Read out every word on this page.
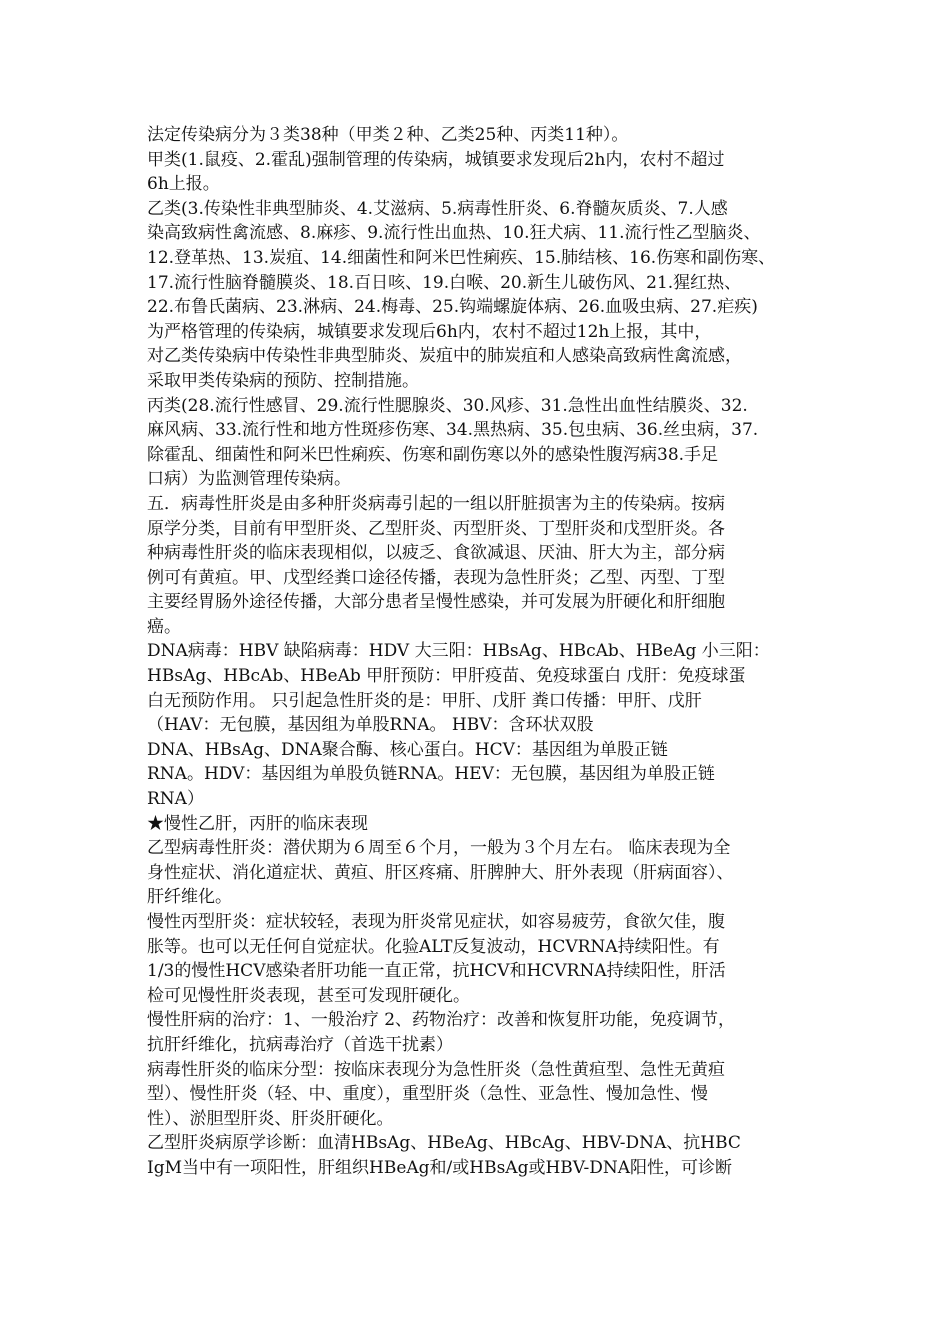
法定传染病分为３类38种（甲类２种、乙类25种、丙类11种）。
甲类(1.鼠疫、2.霍乱)强制管理的传染病，城镇要求发现后2h内，农村不超过
6h上报。
乙类(3.传染性非典型肺炎、4.艾滋病、5.病毒性肝炎、6.脊髓灰质炎、7.人感
染高致病性禽流感、8.麻疹、9.流行性出血热、10.狂犬病、11.流行性乙型脑炎、
12.登革热、13.炭疽、14.细菌性和阿米巴性痢疾、15.肺结核、16.伤寒和副伤寒、
17.流行性脑脊髓膜炎、18.百日咳、19.白喉、20.新生儿破伤风、21.猩红热、
22.布鲁氏菌病、23.淋病、24.梅毒、25.钩端螺旋体病、26.血吸虫病、27.疟疾)
为严格管理的传染病，城镇要求发现后6h内，农村不超过12h上报，其中，
对乙类传染病中传染性非典型肺炎、炭疽中的肺炭疽和人感染高致病性禽流感，
采取甲类传染病的预防、控制措施。
丙类(28.流行性感冒、29.流行性腮腺炎、30.风疹、31.急性出血性结膜炎、32.
麻风病、33.流行性和地方性斑疹伤寒、34.黑热病、35.包虫病、36.丝虫病，37.
除霍乱、细菌性和阿米巴性痢疾、伤寒和副伤寒以外的感染性腹泻病38.手足
口病）为监测管理传染病。
五．病毒性肝炎是由多种肝炎病毒引起的一组以肝脏损害为主的传染病。按病
原学分类，目前有甲型肝炎、乙型肝炎、丙型肝炎、丁型肝炎和戊型肝炎。各
种病毒性肝炎的临床表现相似，以疲乏、食欲减退、厌油、肝大为主，部分病
例可有黄疸。甲、戊型经粪口途径传播，表现为急性肝炎；乙型、丙型、丁型
主要经胃肠外途径传播，大部分患者呈慢性感染，并可发展为肝硬化和肝细胞
癌。
DNA病毒：HBV 缺陷病毒：HDV 大三阳：HBsAg、HBcAb、HBeAg 小三阳：
HBsAg、HBcAb、HBeAb 甲肝预防：甲肝疫苗、免疫球蛋白 戊肝：免疫球蛋
白无预防作用。 只引起急性肝炎的是：甲肝、戊肝 粪口传播：甲肝、戊肝
（HAV：无包膜，基因组为单股RNA。 HBV：含环状双股
DNA、HBsAg、DNA聚合酶、核心蛋白。HCV：基因组为单股正链
RNA。HDV：基因组为单股负链RNA。HEV：无包膜，基因组为单股正链
RNA）
★慢性乙肝，丙肝的临床表现
乙型病毒性肝炎：潜伏期为６周至６个月，一般为３个月左右。 临床表现为全
身性症状、消化道症状、黄疸、肝区疼痛、肝脾肿大、肝外表现（肝病面容）、
肝纤维化。
慢性丙型肝炎：症状较轻，表现为肝炎常见症状，如容易疲劳，食欲欠佳，腹
胀等。也可以无任何自觉症状。化验ALT反复波动，HCVRNA持续阳性。有
1/3的慢性HCV感染者肝功能一直正常，抗HCV和HCVRNA持续阳性，肝活
检可见慢性肝炎表现，甚至可发现肝硬化。
慢性肝病的治疗：1、一般治疗 2、药物治疗：改善和恢复肝功能，免疫调节，
抗肝纤维化，抗病毒治疗（首选干扰素）
病毒性肝炎的临床分型：按临床表现分为急性肝炎（急性黄疸型、急性无黄疸
型）、慢性肝炎（轻、中、重度），重型肝炎（急性、亚急性、慢加急性、慢
性）、淤胆型肝炎、肝炎肝硬化。
乙型肝炎病原学诊断：血清HBsAg、HBeAg、HBcAg、HBV-DNA、抗HBC
IgM当中有一项阳性，肝组织HBeAg和/或HBsAg或HBV-DNA阳性，可诊断
